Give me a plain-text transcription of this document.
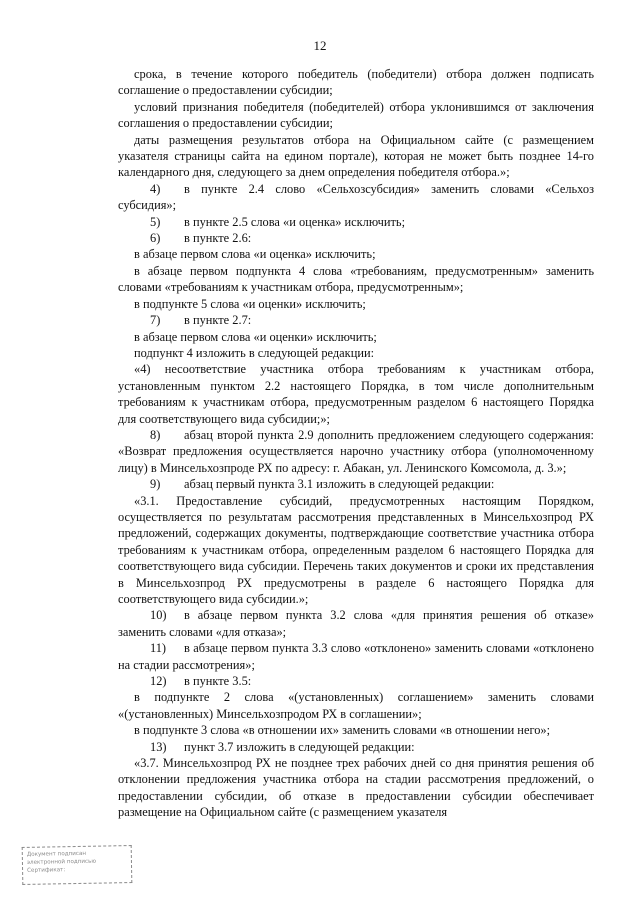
12

срока, в течение которого победитель (победители) отбора должен подписать соглашение о предоставлении субсидии;

условий признания победителя (победителей) отбора уклонившимся от заключения соглашения о предоставлении субсидии;

даты размещения результатов отбора на Официальном сайте (с размещением указателя страницы сайта на едином портале), которая не может быть позднее 14-го календарного дня, следующего за днем определения победителя отбора.»;

4) в пункте 2.4 слово «Сельхозсубсидия» заменить словами «Сельхоз субсидия»;

5) в пункте 2.5 слова «и оценка» исключить;

6) в пункте 2.6:

в абзаце первом слова «и оценка» исключить;

в абзаце первом подпункта 4 слова «требованиям, предусмотренным» заменить словами «требованиям к участникам отбора, предусмотренным»;

в подпункте 5 слова «и оценки» исключить;

7) в пункте 2.7:

в абзаце первом слова «и оценки» исключить;

подпункт 4 изложить в следующей редакции:

«4) несоответствие участника отбора требованиям к участникам отбора, установленным пунктом 2.2 настоящего Порядка, в том числе дополнительным требованиям к участникам отбора, предусмотренным разделом 6 настоящего Порядка для соответствующего вида субсидии;»;

8) абзац второй пункта 2.9 дополнить предложением следующего содержания: «Возврат предложения осуществляется нарочно участнику отбора (уполномоченному лицу) в Минсельхозпроде РХ по адресу: г. Абакан, ул. Ленинского Комсомола, д. 3.»;

9) абзац первый пункта 3.1 изложить в следующей редакции:

«3.1. Предоставление субсидий, предусмотренных настоящим Порядком, осуществляется по результатам рассмотрения представленных в Минсельхозпрод РХ предложений, содержащих документы, подтверждающие соответствие участника отбора требованиям к участникам отбора, определенным разделом 6 настоящего Порядка для соответствующего вида субсидии. Перечень таких документов и сроки их представления в Минсельхозпрод РХ предусмотрены в разделе 6 настоящего Порядка для соответствующего вида субсидии.»;

10) в абзаце первом пункта 3.2 слова «для принятия решения об отказе» заменить словами «для отказа»;

11) в абзаце первом пункта 3.3 слово «отклонено» заменить словами «отклонено на стадии рассмотрения»;

12) в пункте 3.5:

в подпункте 2 слова «(установленных) соглашением» заменить словами «(установленных) Минсельхозпродом РХ в соглашении»;

в подпункте 3 слова «в отношении их» заменить словами «в отношении него»;

13) пункт 3.7 изложить в следующей редакции:

«3.7. Минсельхозпрод РХ не позднее трех рабочих дней со дня принятия решения об отклонении предложения участника отбора на стадии рассмотрения предложений, о предоставлении субсидии, об отказе в предоставлении субсидии обеспечивает размещение на Официальном сайте (с размещением указателя

Документ подписан
электронной подписью
Сертификат:
